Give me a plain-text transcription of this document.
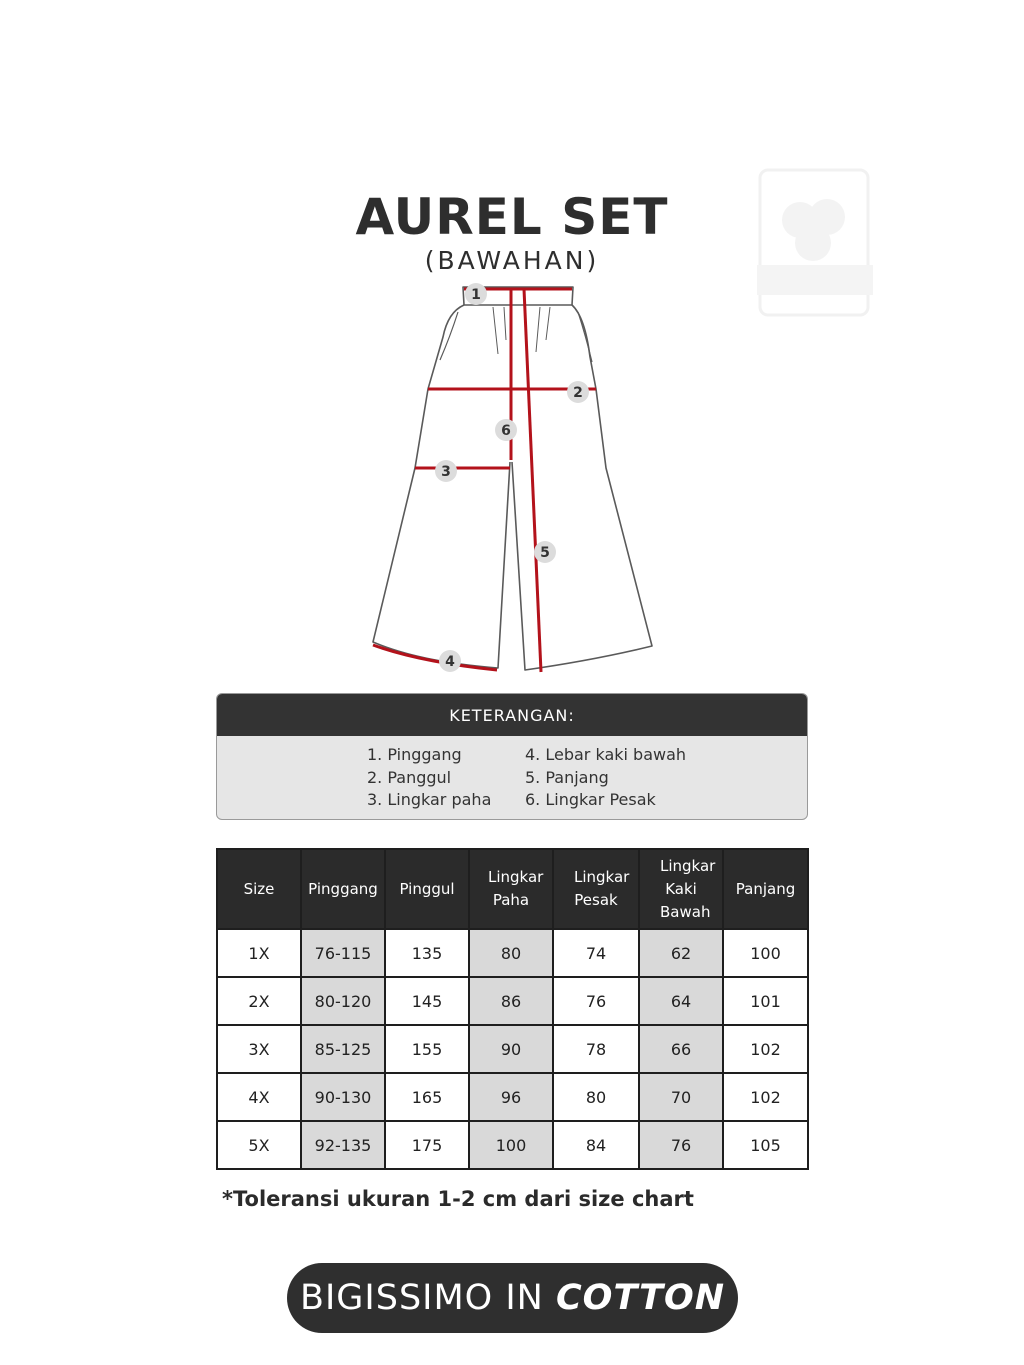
AUREL SET
(BAWAHAN)
1
2
3
4
5
6
KETERANGAN:
1. Pinggang
2. Panggul
3. Lingkar paha
4. Lebar kaki bawah
5. Panjang
6. Lingkar Pesak
Size	Pinggang	Pinggul	Lingkar Paha	Lingkar Pesak	Lingkar Kaki Bawah	Panjang
1X	76-115	135	80	74	62	100
2X	80-120	145	86	76	64	101
3X	85-125	155	90	78	66	102
4X	90-130	165	96	80	70	102
5X	92-135	175	100	84	76	105
*Toleransi ukuran 1-2 cm dari size chart
BIGISSIMO IN COTTON
